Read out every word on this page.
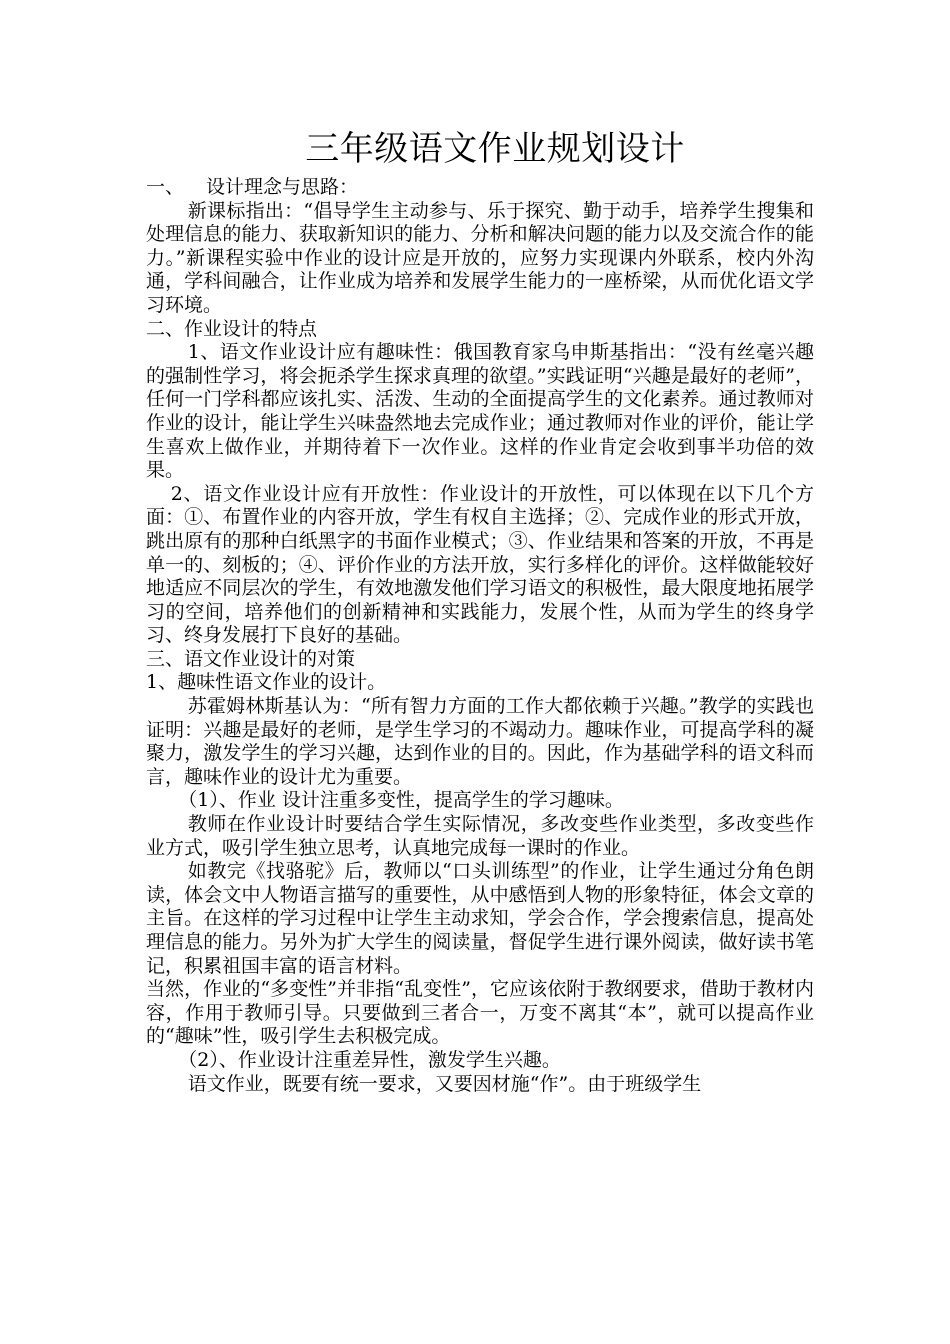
三年级语文作业规划设计

一、 设计理念与思路：

新课标指出：“倡导学生主动参与、乐于探究、勤于动手，培养学生搜集和处理信息的能力、获取新知识的能力、分析和解决问题的能力以及交流合作的能力。”新课程实验中作业的设计应是开放的，应努力实现课内外联系，校内外沟通，学科间融合，让作业成为培养和发展学生能力的一座桥梁，从而优化语文学习环境。

二、作业设计的特点

1、语文作业设计应有趣味性：俄国教育家乌申斯基指出：“没有丝毫兴趣的强制性学习，将会扼杀学生探求真理的欲望。”实践证明“兴趣是最好的老师”，任何一门学科都应该扎实、活泼、生动的全面提高学生的文化素养。通过教师对作业的设计，能让学生兴味盎然地去完成作业；通过教师对作业的评价，能让学生喜欢上做作业，并期待着下一次作业。这样的作业肯定会收到事半功倍的效果。

2、语文作业设计应有开放性：作业设计的开放性，可以体现在以下几个方面：①、布置作业的内容开放，学生有权自主选择；②、完成作业的形式开放，跳出原有的那种白纸黑字的书面作业模式；③、作业结果和答案的开放，不再是单一的、刻板的；④、评价作业的方法开放，实行多样化的评价。这样做能较好地适应不同层次的学生，有效地激发他们学习语文的积极性，最大限度地拓展学习的空间，培养他们的创新精神和实践能力，发展个性，从而为学生的终身学习、终身发展打下良好的基础。

三、语文作业设计的对策

1、趣味性语文作业的设计。

苏霍姆林斯基认为：“所有智力方面的工作大都依赖于兴趣。”教学的实践也证明：兴趣是最好的老师，是学生学习的不竭动力。趣味作业，可提高学科的凝聚力，激发学生的学习兴趣，达到作业的目的。因此，作为基础学科的语文科而言，趣味作业的设计尤为重要。

（1）、作业 设计注重多变性，提高学生的学习趣味。

教师在作业设计时要结合学生实际情况，多改变些作业类型，多改变些作业方式，吸引学生独立思考，认真地完成每一课时的作业。

如教完《找骆驼》后，教师以“口头训练型”的作业，让学生通过分角色朗读，体会文中人物语言描写的重要性，从中感悟到人物的形象特征，体会文章的主旨。在这样的学习过程中让学生主动求知，学会合作，学会搜索信息，提高处理信息的能力。另外为扩大学生的阅读量，督促学生进行课外阅读，做好读书笔记，积累祖国丰富的语言材料。

当然，作业的“多变性”并非指“乱变性”，它应该依附于教纲要求，借助于教材内容，作用于教师引导。只要做到三者合一，万变不离其“本”，就可以提高作业的“趣味”性，吸引学生去积极完成。

（2）、作业设计注重差异性，激发学生兴趣。

语文作业，既要有统一要求，又要因材施“作”。由于班级学生
